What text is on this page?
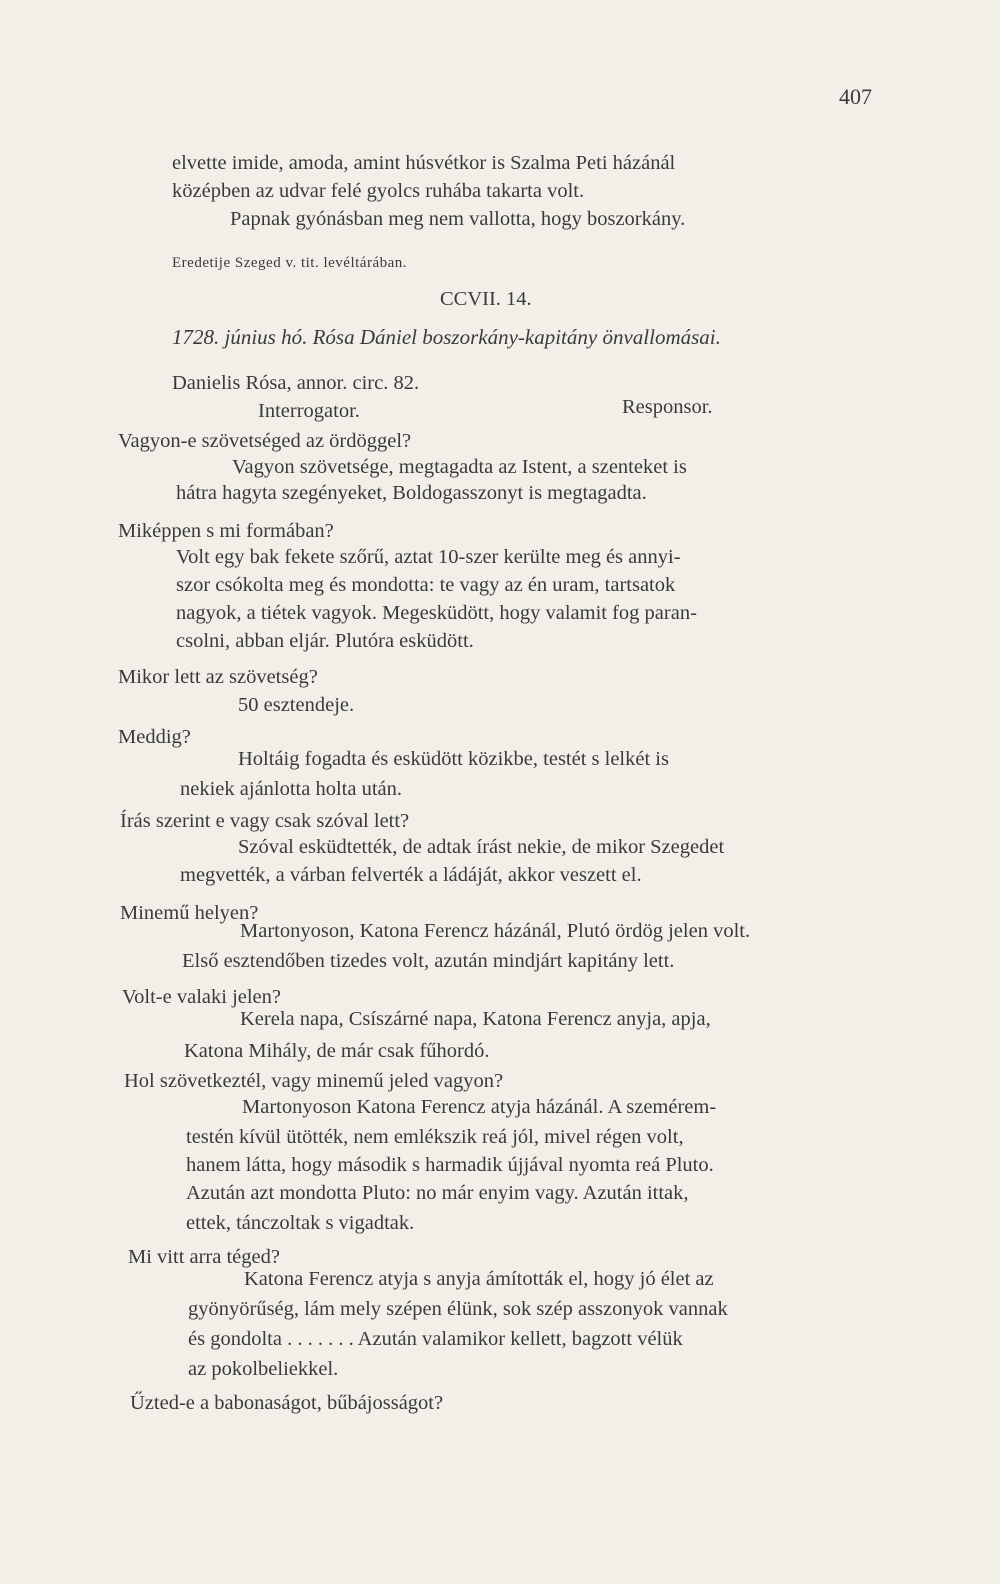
407
elvette imide, amoda, amint húsvétkor is Szalma Peti házánál
középben az udvar felé gyolcs ruhába takarta volt.
Papnak gyónásban meg nem vallotta, hogy boszorkány.
Eredetije Szeged v. tit. levéltárában.
CCVII. 14.
1728. június hó. Rósa Dániel boszorkány-kapitány önvallomásai.
Danielis Rósa, annor. circ. 82.
Interrogator.	Responsor.
Vagyon-e szövetséged az ördöggel?
Vagyon szövetsége, megtagadta az Istent, a szenteket is
hátra hagyta szegényeket, Boldogasszonyt is megtagadta.
Miképpen s mi formában?
Volt egy bak fekete szőrű, aztat 10-szer kerülte meg és annyi-
szor csókolta meg és mondotta: te vagy az én uram, tartsatok
nagyok, a tiétek vagyok. Megesküdött, hogy valamit fog paran-
csolni, abban eljár. Plutóra esküdött.
Mikor lett az szövetség?
50 esztendeje.
Meddig?
Holtáig fogadta és esküdött közikbe, testét s lelkét is
nekiek ajánlotta holta után.
Írás szerint e vagy csak szóval lett?
Szóval esküdtették, de adtak írást nekie, de mikor Szegedet
megvették, a várban felverték a ládáját, akkor veszett el.
Minemű helyen?
Martonyoson, Katona Ferencz házánál, Plutó ördög jelen volt.
Első esztendőben tizedes volt, azután mindjárt kapitány lett.
Volt-e valaki jelen?
Kerela napa, Csíszárné napa, Katona Ferencz anyja, apja,
Katona Mihály, de már csak fűhordó.
Hol szövetkeztél, vagy minemű jeled vagyon?
Martonyoson Katona Ferencz atyja házánál. A szemérem-
testén kívül ütötték, nem emlékszik reá jól, mivel régen volt,
hanem látta, hogy második s harmadik újjával nyomta reá Pluto.
Azután azt mondotta Pluto: no már enyim vagy. Azután ittak,
ettek, tánczoltak s vigadtak.
Mi vitt arra téged?
Katona Ferencz atyja s anyja ámították el, hogy jó élet az
gyönyörűség, lám mely szépen élünk, sok szép asszonyok vannak
és gondolta . . . . . . . Azután valamikor kellett, bagzott vélük
az pokolbeliekkel.
Űzted-e a babonaságot, bűbájosságot?
